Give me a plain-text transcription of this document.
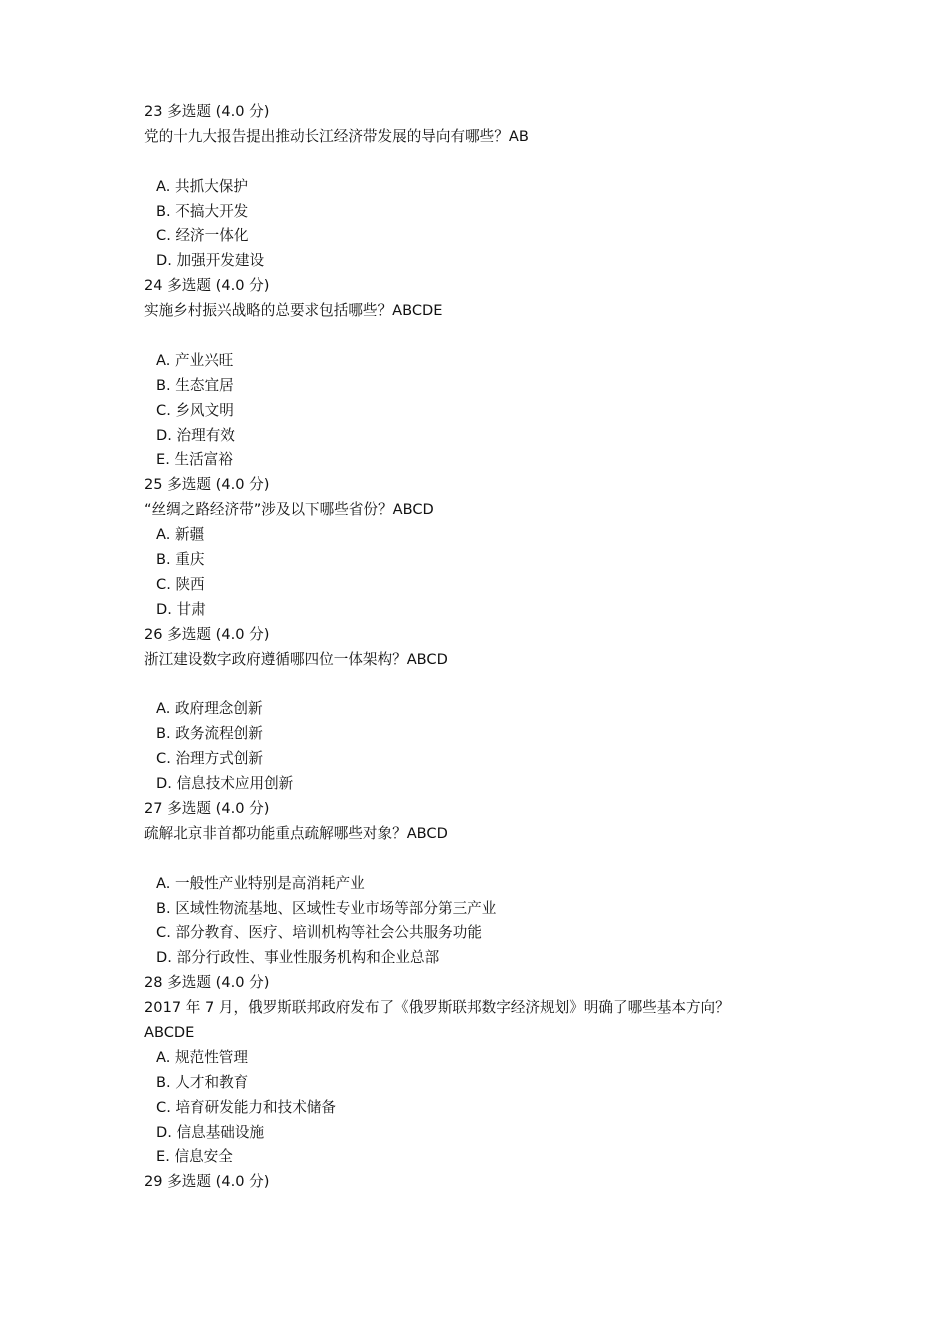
23 多选题 (4.0 分)
党的十九大报告提出推动长江经济带发展的导向有哪些？AB
A. 共抓大保护
B. 不搞大开发
C. 经济一体化
D. 加强开发建设
24 多选题 (4.0 分)
实施乡村振兴战略的总要求包括哪些？ABCDE
A. 产业兴旺
B. 生态宜居
C. 乡风文明
D. 治理有效
E. 生活富裕
25 多选题 (4.0 分)
“丝绸之路经济带”涉及以下哪些省份？ABCD
A. 新疆
B. 重庆
C. 陕西
D. 甘肃
26 多选题 (4.0 分)
浙江建设数字政府遵循哪四位一体架构？ABCD
A. 政府理念创新
B. 政务流程创新
C. 治理方式创新
D. 信息技术应用创新
27 多选题 (4.0 分)
疏解北京非首都功能重点疏解哪些对象？ABCD
A. 一般性产业特别是高消耗产业
B. 区域性物流基地、区域性专业市场等部分第三产业
C. 部分教育、医疗、培训机构等社会公共服务功能
D. 部分行政性、事业性服务机构和企业总部
28 多选题 (4.0 分)
2017 年 7 月，俄罗斯联邦政府发布了《俄罗斯联邦数字经济规划》明确了哪些基本方向？
ABCDE
A. 规范性管理
B. 人才和教育
C. 培育研发能力和技术储备
D. 信息基础设施
E. 信息安全
29 多选题 (4.0 分)
